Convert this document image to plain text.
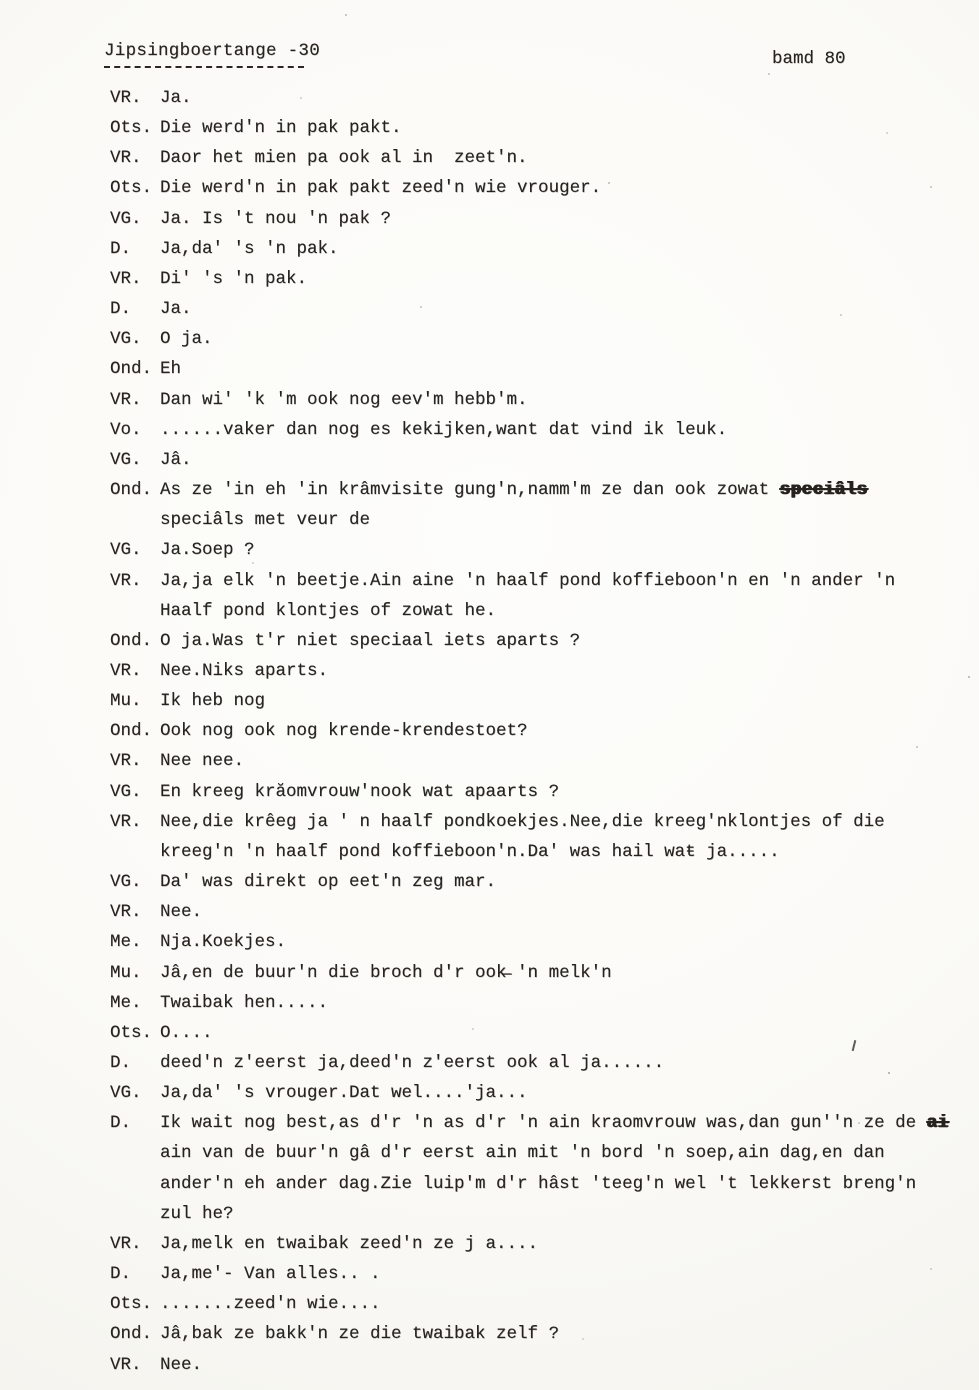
Jipsingboertange -30	bamd 80
VR. Ja.
Ots. Die werd'n in pak pakt.
VR. Daor het mien pa ook al in  zeet'n.
Ots. Die werd'n in pak pakt zeed'n wie vrouger.
VG. Ja. Is 't nou 'n pak ?
D. Ja,da' 's 'n pak.
VR. Di' 's 'n pak.
D. Ja.
VG. O ja.
Ond. Eh
VR. Dan wi' 'k 'm ook nog eev'm hebb'm.
Vo. ......vaker dan nog es kekijken,want dat vind ik leuk.
VG. Jâ.
Ond. As ze 'in eh 'in krâmvisite gung'n,namm'm ze dan ook zowat speciâls
speciâls met veur de
VG. Ja.Soep ?
VR. Ja,ja elk 'n beetje.Ain aine 'n haalf pond koffieboon'n en 'n ander 'n
Haalf pond klontjes of zowat he.
Ond. O ja.Was t'r niet speciaal iets aparts ?
VR. Nee.Niks aparts.
Mu. Ik heb nog
Ond. Ook nog ook nog krende-krendestoet?
VR. Nee nee.
VG. En kreeg krăomvrouw'nook wat apaarts ?
VR. Nee,die krêeg ja ' n haalf pondkoekjes.Nee,die kreeg'nklontjes of die
kreeg'n 'n haalf pond koffieboon'n.Da' was hail waŧ ja.....
VG. Da' was direkt op eet'n zeg mar.
VR. Nee.
Me. Nja.Koekjes.
Mu. Jâ,en de buur'n die broch d'r ook̶ 'n melk'n
Me. Twaibak hen.....
Ots. O....
D. deed'n z'eerst ja,deed'n z'eerst ook al ja......
VG. Ja,da' 's vrouger.Dat wel....'ja...
D. Ik wait nog best,as d'r 'n as d'r 'n ain kraomvrouw was,dan gun''n ze de ai
ain van de buur'n gâ d'r eerst ain mit 'n bord 'n soep,ain dag,en dan
ander'n eh ander dag.Zie luip'm d'r hâst 'teeg'n wel 't lekkerst breng'n
zul he?
VR. Ja,melk en twaibak zeed'n ze j a....
D. Ja,me'- Van alles.. .
Ots. .......zeed'n wie....
Ond. Jâ,bak ze bakk'n ze die twaibak zelf ?
VR. Nee.
